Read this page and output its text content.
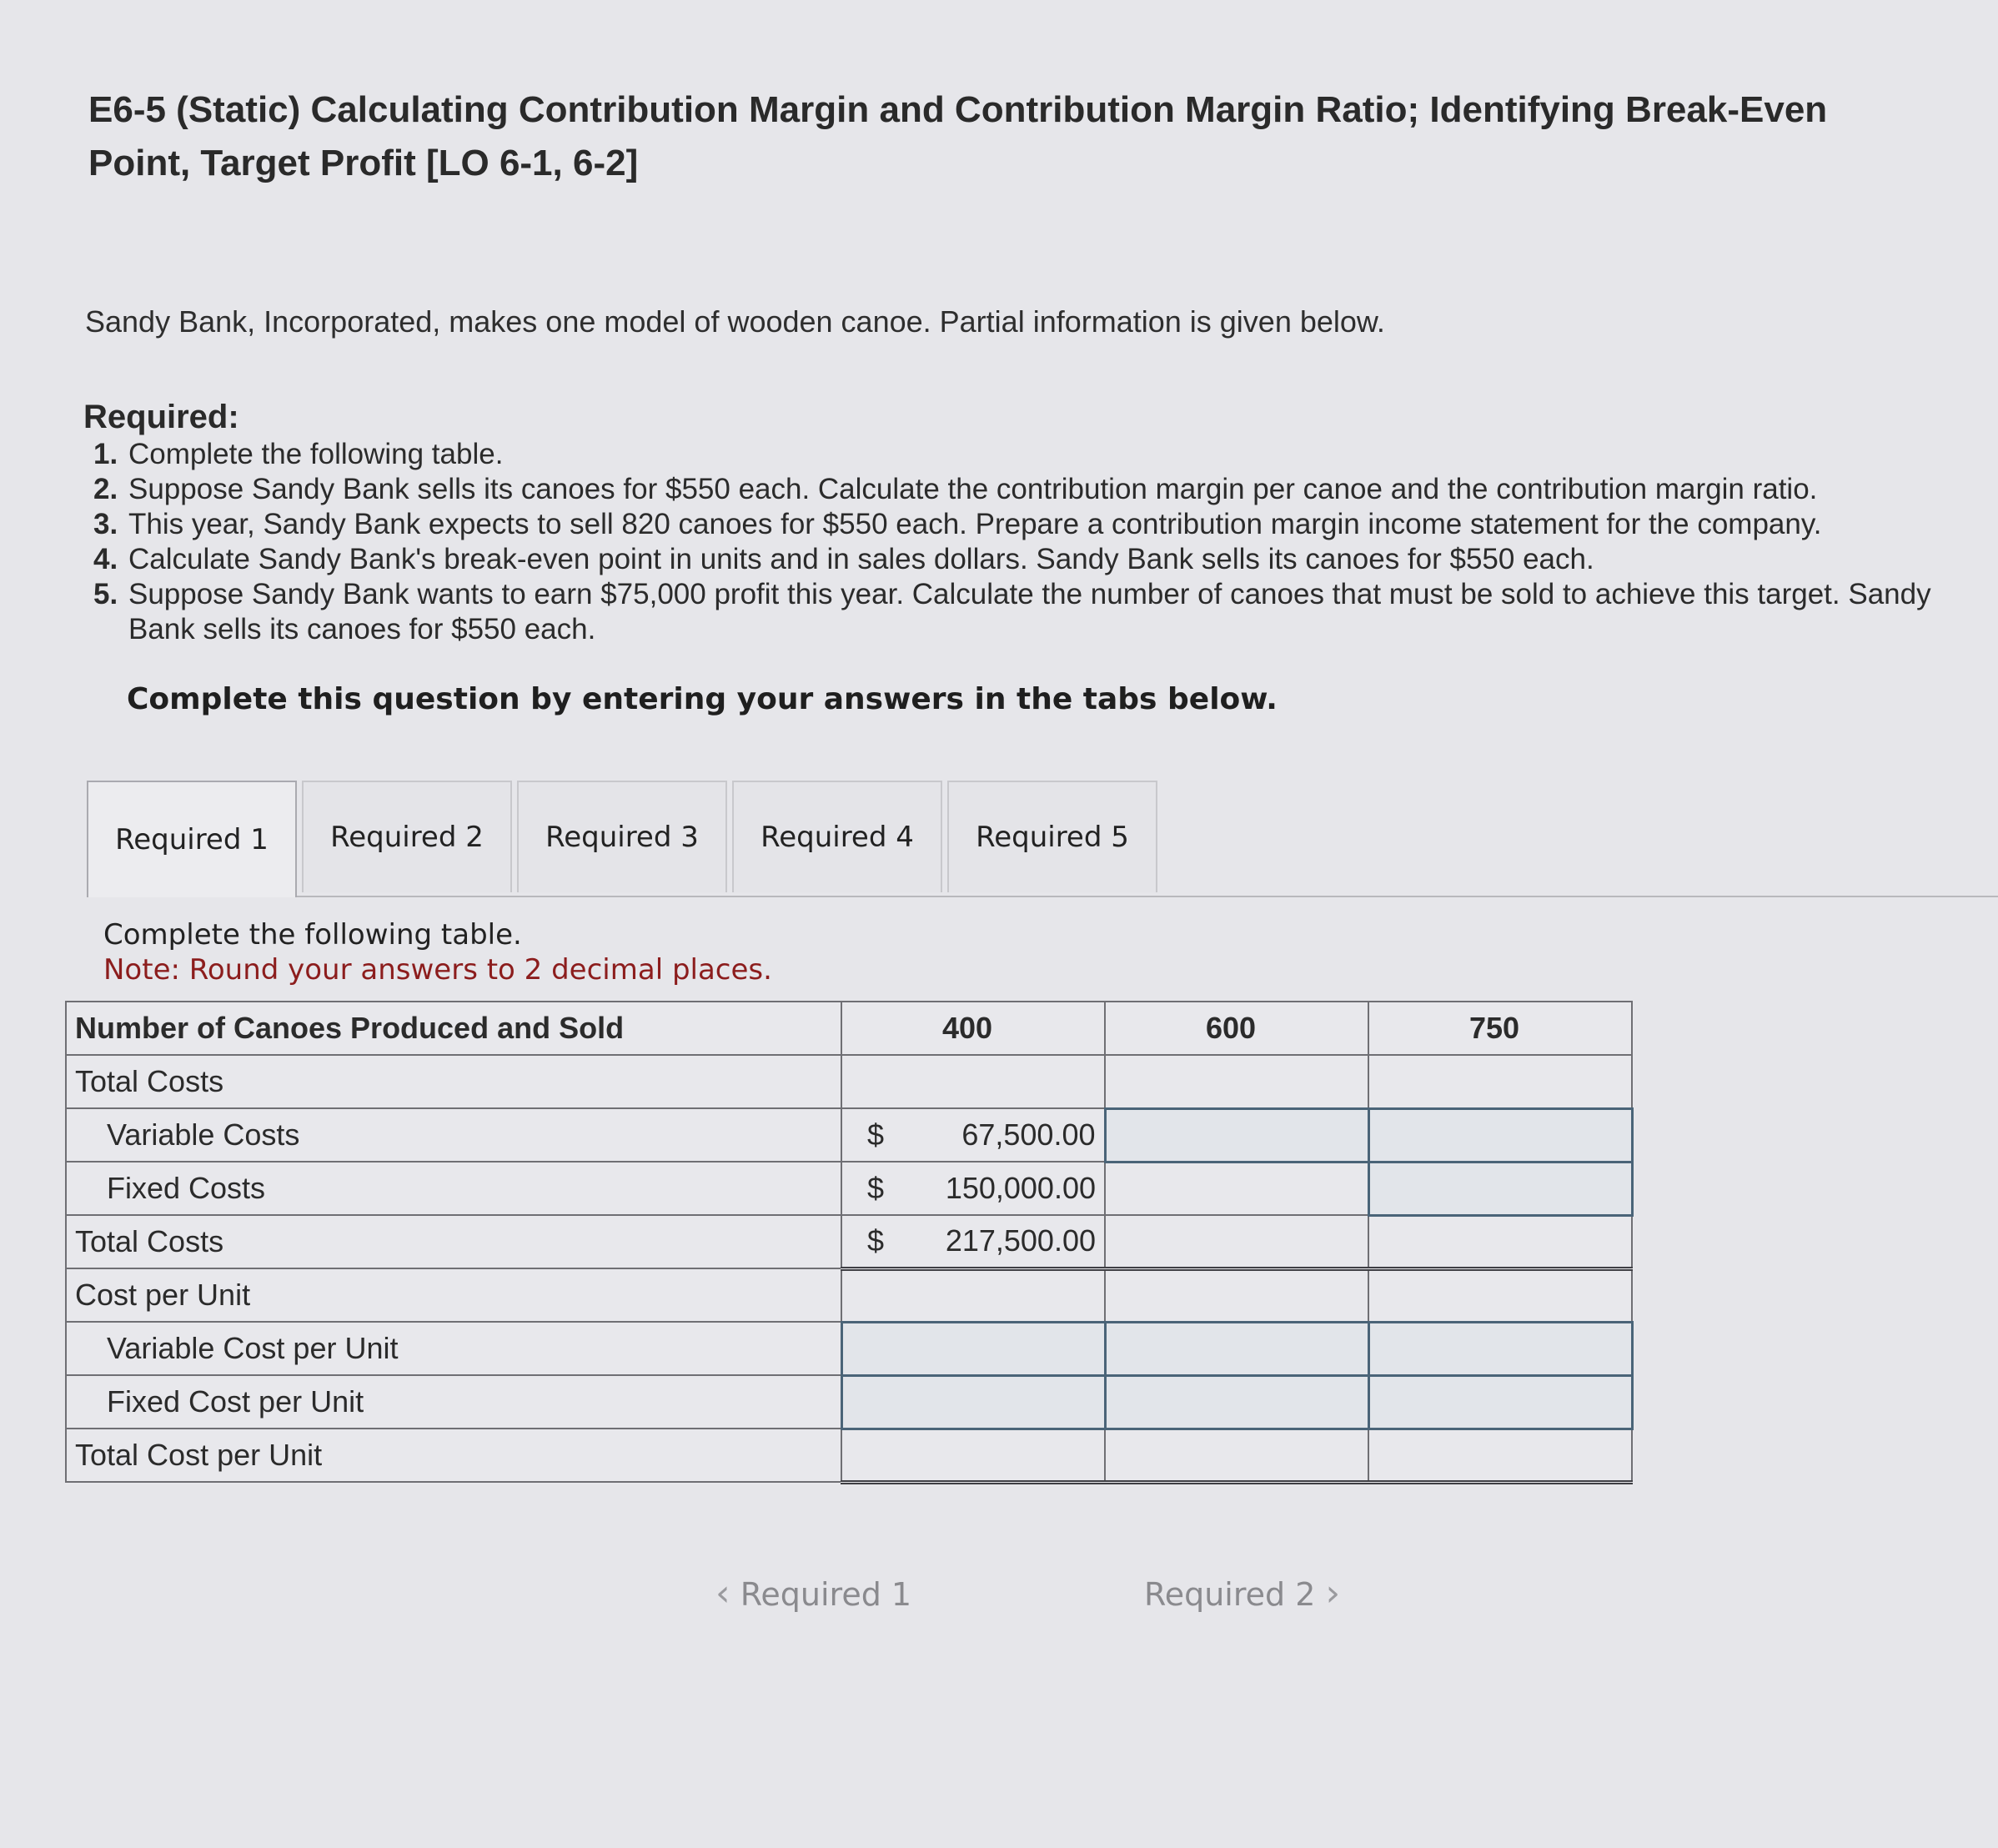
E6-5 (Static) Calculating Contribution Margin and Contribution Margin Ratio; Identifying Break-Even Point, Target Profit [LO 6-1, 6-2]
Sandy Bank, Incorporated, makes one model of wooden canoe. Partial information is given below.
Required:
1. Complete the following table.
2. Suppose Sandy Bank sells its canoes for $550 each. Calculate the contribution margin per canoe and the contribution margin ratio.
3. This year, Sandy Bank expects to sell 820 canoes for $550 each. Prepare a contribution margin income statement for the company.
4. Calculate Sandy Bank's break-even point in units and in sales dollars. Sandy Bank sells its canoes for $550 each.
5. Suppose Sandy Bank wants to earn $75,000 profit this year. Calculate the number of canoes that must be sold to achieve this target. Sandy Bank sells its canoes for $550 each.
Complete this question by entering your answers in the tabs below.
Required 1	Required 2	Required 3	Required 4	Required 5
Complete the following table.
Note: Round your answers to 2 decimal places.
Number of Canoes Produced and Sold	400	600	750
Total Costs			
Variable Costs	$ 67,500.00		

Fixed Costs	$ 150,000.00		

Total Costs	$ 217,500.00		

Cost per Unit			
Variable Cost per Unit			
Fixed Cost per Unit			
Total Cost per Unit			
‹ Required 1	Required 2 ›
